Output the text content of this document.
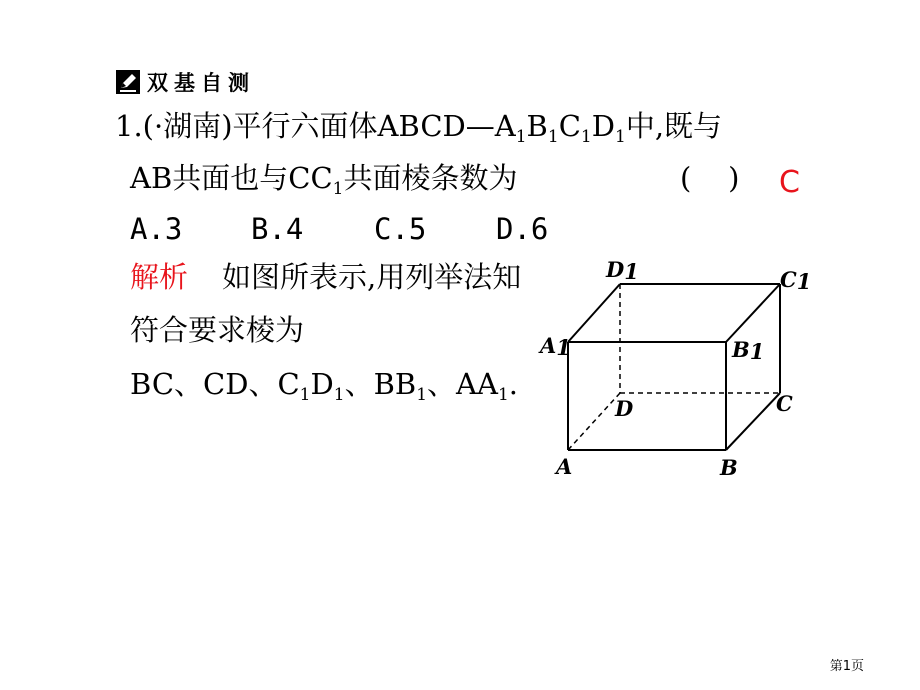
双基自测
1.(·湖南)平行六面体$ABCD—A_1B_1C_1D_1$中,既与
AB共面也与$CC_1$共面棱条数为	(    ) C
A.3 B.4 C.5 D.6
解析 如图所表示,用列举法知
符合要求棱为
BC、CD、$C_1D_1$、$BB_1$、$AA_1$.
D1	C1
A1	B1
D	C
A	B
第1页
